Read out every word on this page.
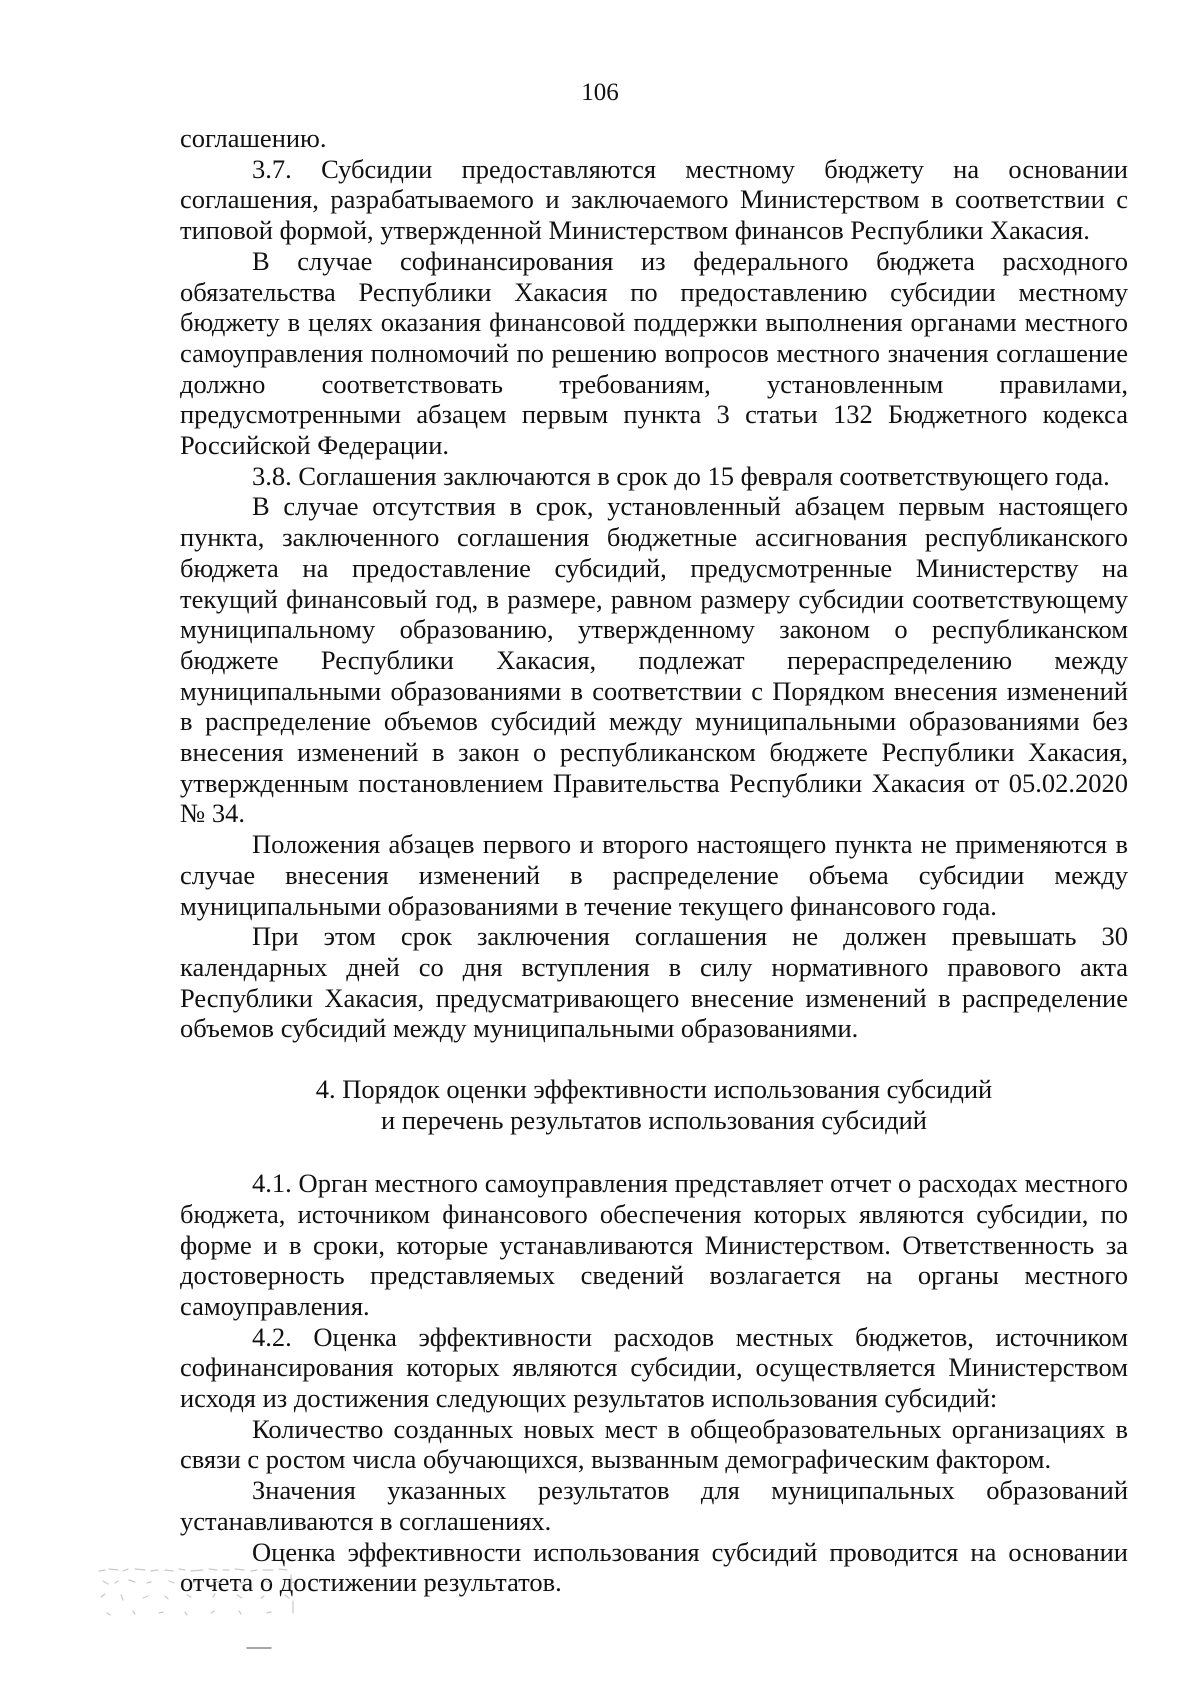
106

соглашению.

3.7. Субсидии предоставляются местному бюджету на основании соглашения, разрабатываемого и заключаемого Министерством в соответствии с типовой формой, утвержденной Министерством финансов Республики Хакасия.

В случае софинансирования из федерального бюджета расходного обязательства Республики Хакасия по предоставлению субсидии местному бюджету в целях оказания финансовой поддержки выполнения органами местного самоуправления полномочий по решению вопросов местного значения соглашение должно соответствовать требованиям, установленным правилами, предусмотренными абзацем первым пункта 3 статьи 132 Бюджетного кодекса Российской Федерации.

3.8. Соглашения заключаются в срок до 15 февраля соответствующего года.

В случае отсутствия в срок, установленный абзацем первым настоящего пункта, заключенного соглашения бюджетные ассигнования республиканского бюджета на предоставление субсидий, предусмотренные Министерству на текущий финансовый год, в размере, равном размеру субсидии соответствующему муниципальному образованию, утвержденному законом о республиканском бюджете Республики Хакасия, подлежат перераспределению между муниципальными образованиями в соответствии с Порядком внесения изменений в распределение объемов субсидий между муниципальными образованиями без внесения изменений в закон о республиканском бюджете Республики Хакасия, утвержденным постановлением Правительства Республики Хакасия от 05.02.2020 № 34.

Положения абзацев первого и второго настоящего пункта не применяются в случае внесения изменений в распределение объема субсидии между муниципальными образованиями в течение текущего финансового года.

При этом срок заключения соглашения не должен превышать 30 календарных дней со дня вступления в силу нормативного правового акта Республики Хакасия, предусматривающего внесение изменений в распределение объемов субсидий между муниципальными образованиями.

4. Порядок оценки эффективности использования субсидий
и перечень результатов использования субсидий

4.1. Орган местного самоуправления представляет отчет о расходах местного бюджета, источником финансового обеспечения которых являются субсидии, по форме и в сроки, которые устанавливаются Министерством. Ответственность за достоверность представляемых сведений возлагается на органы местного самоуправления.

4.2. Оценка эффективности расходов местных бюджетов, источником софинансирования которых являются субсидии, осуществляется Министерством исходя из достижения следующих результатов использования субсидий:

Количество созданных новых мест в общеобразовательных организациях в связи с ростом числа обучающихся, вызванным демографическим фактором.

Значения указанных результатов для муниципальных образований устанавливаются в соглашениях.

Оценка эффективности использования субсидий проводится на основании отчета о достижении результатов.
